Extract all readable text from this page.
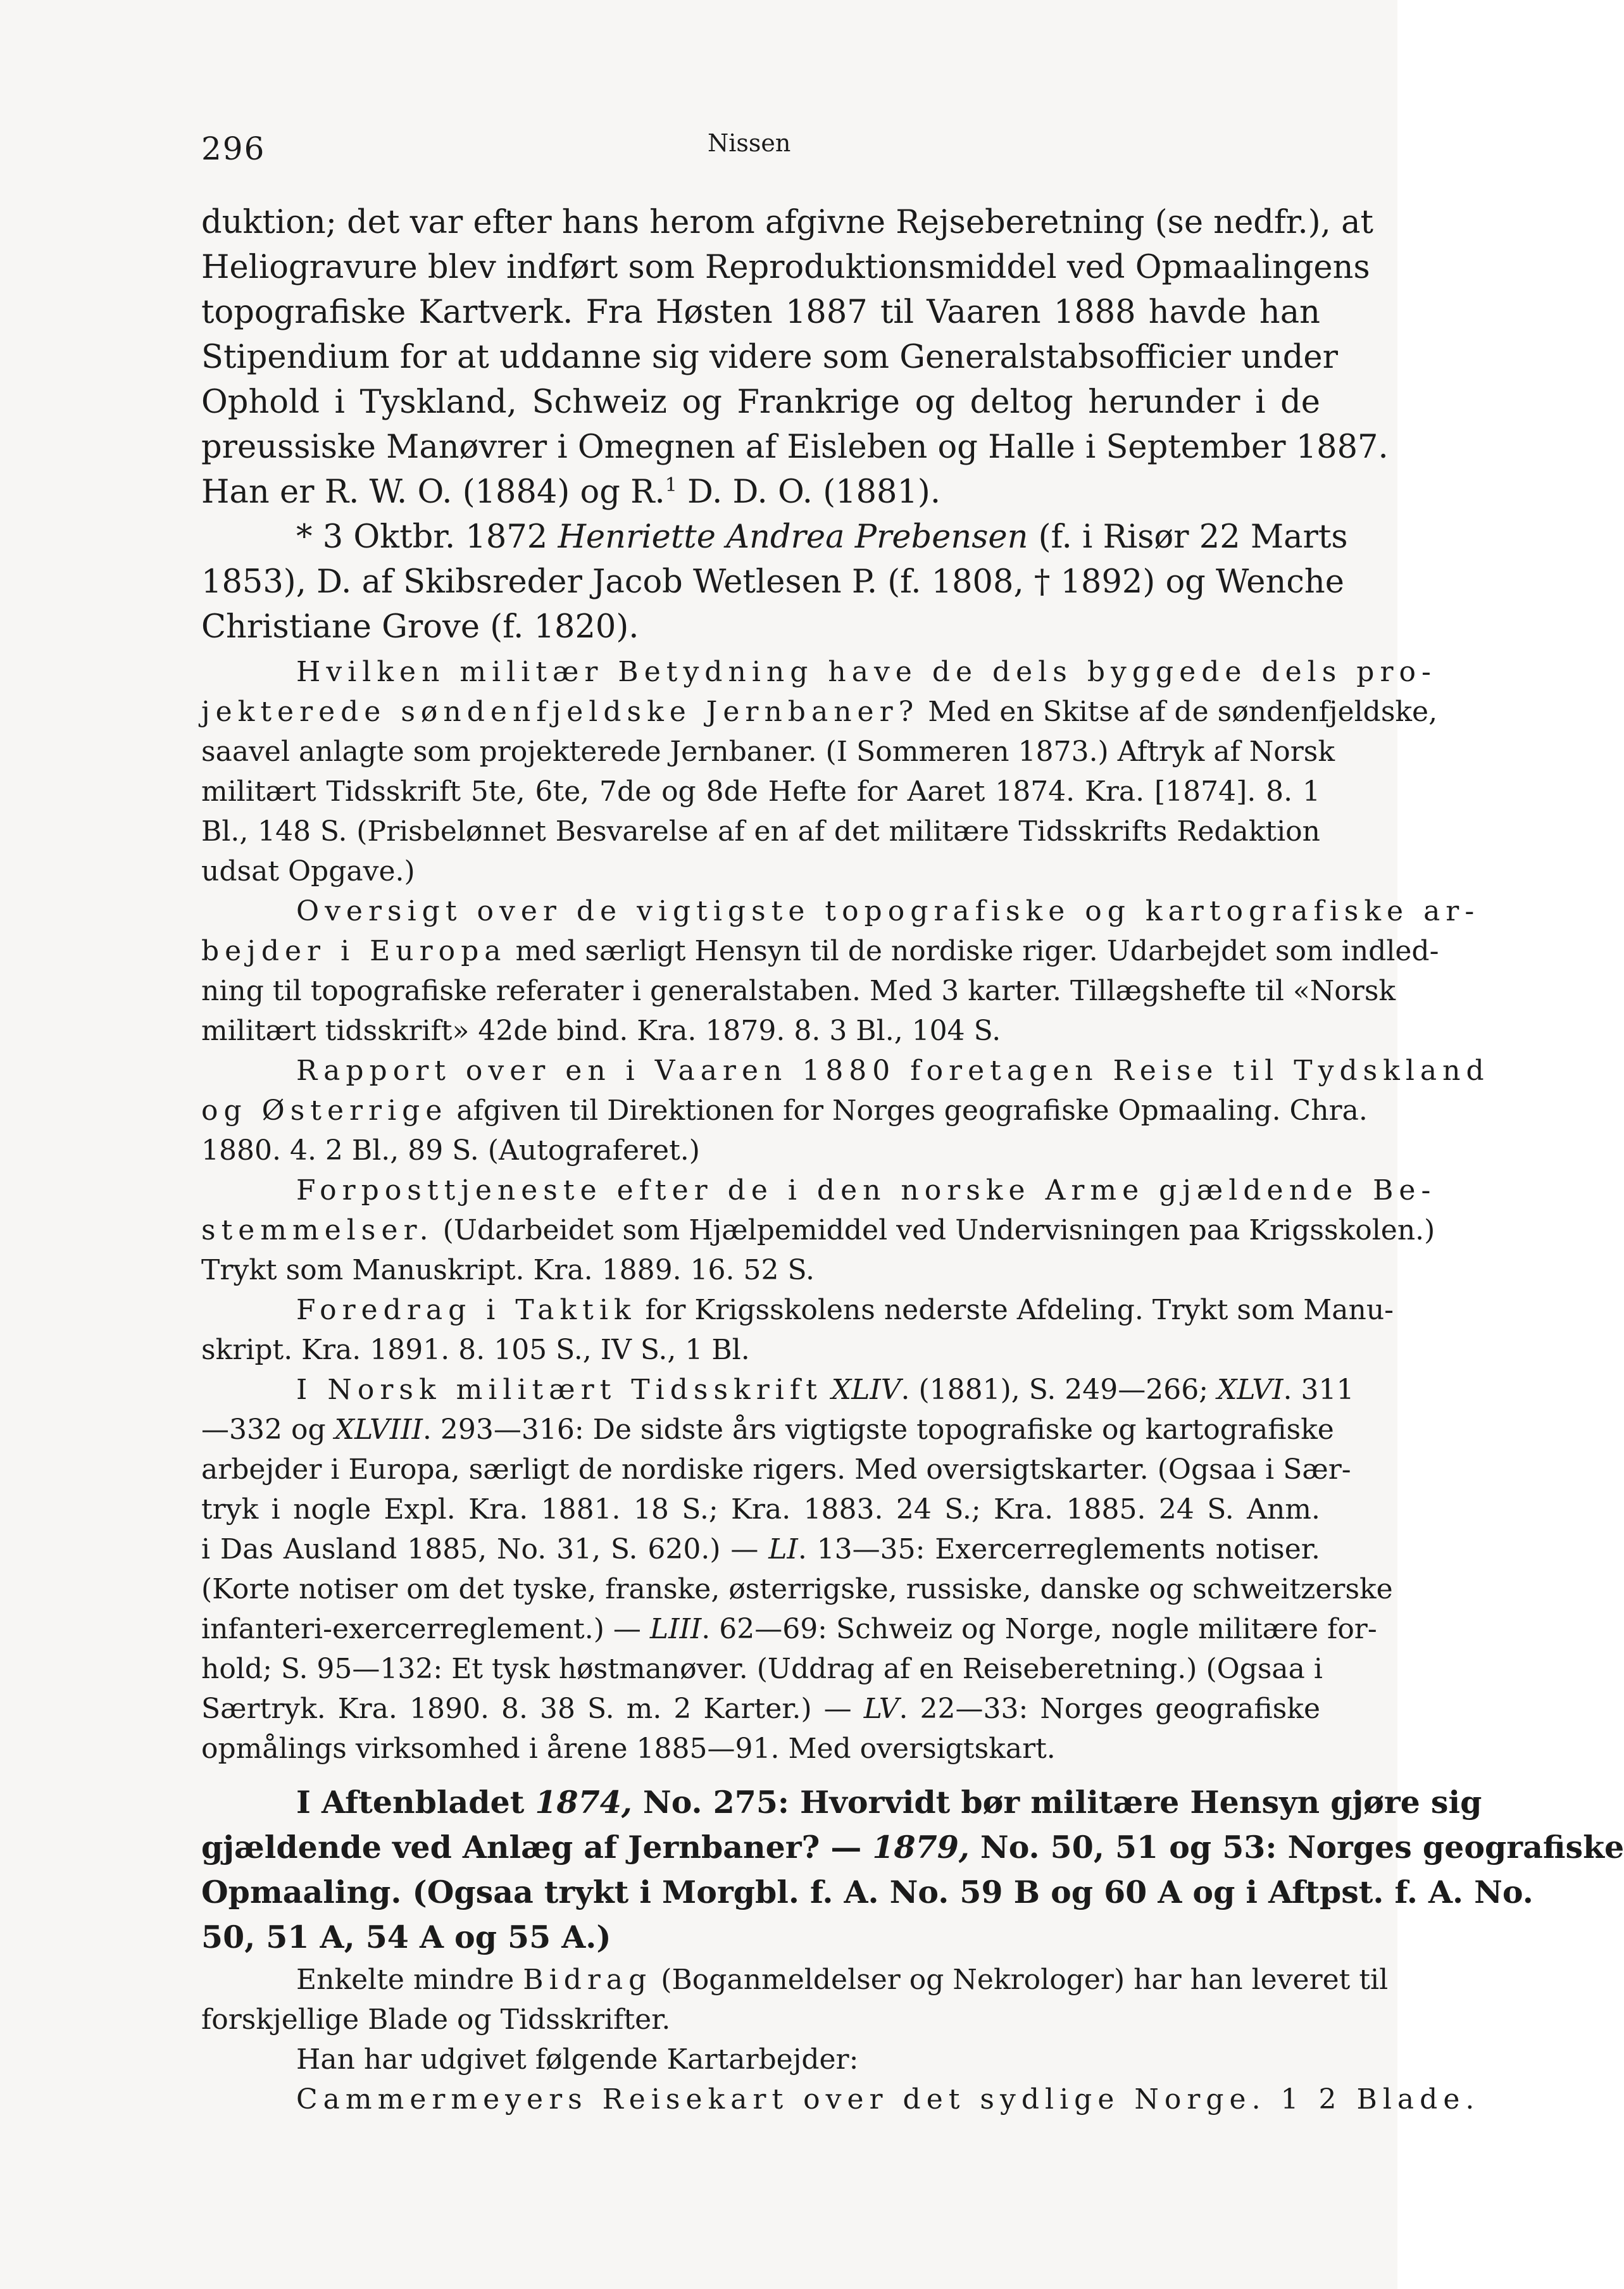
296	Nissen
duktion; det var efter hans herom afgivne Rejseberetning (se nedfr.), at
Heliogravure blev indført som Reproduktionsmiddel ved Opmaalingens
topografiske Kartverk. Fra Høsten 1887 til Vaaren 1888 havde han
Stipendium for at uddanne sig videre som Generalstabsofficier under
Ophold i Tyskland, Schweiz og Frankrige og deltog herunder i de
preussiske Manøvrer i Omegnen af Eisleben og Halle i September 1887.
Han er R. W. O. (1884) og R.$^1$ D. D. O. (1881).
* 3 Oktbr. 1872 Henriette Andrea Prebensen (f. i Risør 22 Marts
1853), D. af Skibsreder Jacob Wetlesen P. (f. 1808, † 1892) og Wenche
Christiane Grove (f. 1820).
Hvilken militær Betydning have de dels byggede dels pro-
jekterede søndenfjeldske Jernbaner? Med en Skitse af de søndenfjeldske,
saavel anlagte som projekterede Jernbaner. (I Sommeren 1873.) Aftryk af Norsk
militært Tidsskrift 5te, 6te, 7de og 8de Hefte for Aaret 1874. Kra. [1874]. 8. 1
Bl., 148 S. (Prisbelønnet Besvarelse af en af det militære Tidsskrifts Redaktion
udsat Opgave.)
Oversigt over de vigtigste topografiske og kartografiske ar-
bejder i Europa med særligt Hensyn til de nordiske riger. Udarbejdet som indled-
ning til topografiske referater i generalstaben. Med 3 karter. Tillægshefte til «Norsk
militært tidsskrift» 42de bind. Kra. 1879. 8. 3 Bl., 104 S.
Rapport over en i Vaaren 1880 foretagen Reise til Tydskland
og Østerrige afgiven til Direktionen for Norges geografiske Opmaaling. Chra.
1880. 4. 2 Bl., 89 S. (Autograferet.)
Forposttjeneste efter de i den norske Arme gjældende Be-
stemmelser. (Udarbeidet som Hjælpemiddel ved Undervisningen paa Krigsskolen.)
Trykt som Manuskript. Kra. 1889. 16. 52 S.
Foredrag i Taktik for Krigsskolens nederste Afdeling. Trykt som Manu-
skript. Kra. 1891. 8. 105 S., IV S., 1 Bl.
I Norsk militært Tidsskrift XLIV. (1881), S. 249—266; XLVI. 311
—332 og XLVIII. 293—316: De sidste års vigtigste topografiske og kartografiske
arbejder i Europa, særligt de nordiske rigers. Med oversigtskarter. (Ogsaa i Sær-
tryk i nogle Expl. Kra. 1881. 18 S.; Kra. 1883. 24 S.; Kra. 1885. 24 S. Anm.
i Das Ausland 1885, No. 31, S. 620.) — LI. 13—35: Exercerreglements notiser.
(Korte notiser om det tyske, franske, østerrigske, russiske, danske og schweitzerske
infanteri-exercerreglement.) — LIII. 62—69: Schweiz og Norge, nogle militære for-
hold; S. 95—132: Et tysk høstmanøver. (Uddrag af en Reiseberetning.) (Ogsaa i
Særtryk. Kra. 1890. 8. 38 S. m. 2 Karter.) — LV. 22—33: Norges geografiske
opmålings virksomhed i årene 1885—91. Med oversigtskart.
I Aftenbladet 1874, No. 275: Hvorvidt bør militære Hensyn gjøre sig
gjældende ved Anlæg af Jernbaner? — 1879, No. 50, 51 og 53: Norges geografiske
Opmaaling. (Ogsaa trykt i Morgbl. f. A. No. 59 B og 60 A og i Aftpst. f. A. No.
50, 51 A, 54 A og 55 A.)
Enkelte mindre Bidrag (Boganmeldelser og Nekrologer) har han leveret til
forskjellige Blade og Tidsskrifter.
Han har udgivet følgende Kartarbejder:
Cammermeyers Reisekart over det sydlige Norge. 1 2 Blade.
